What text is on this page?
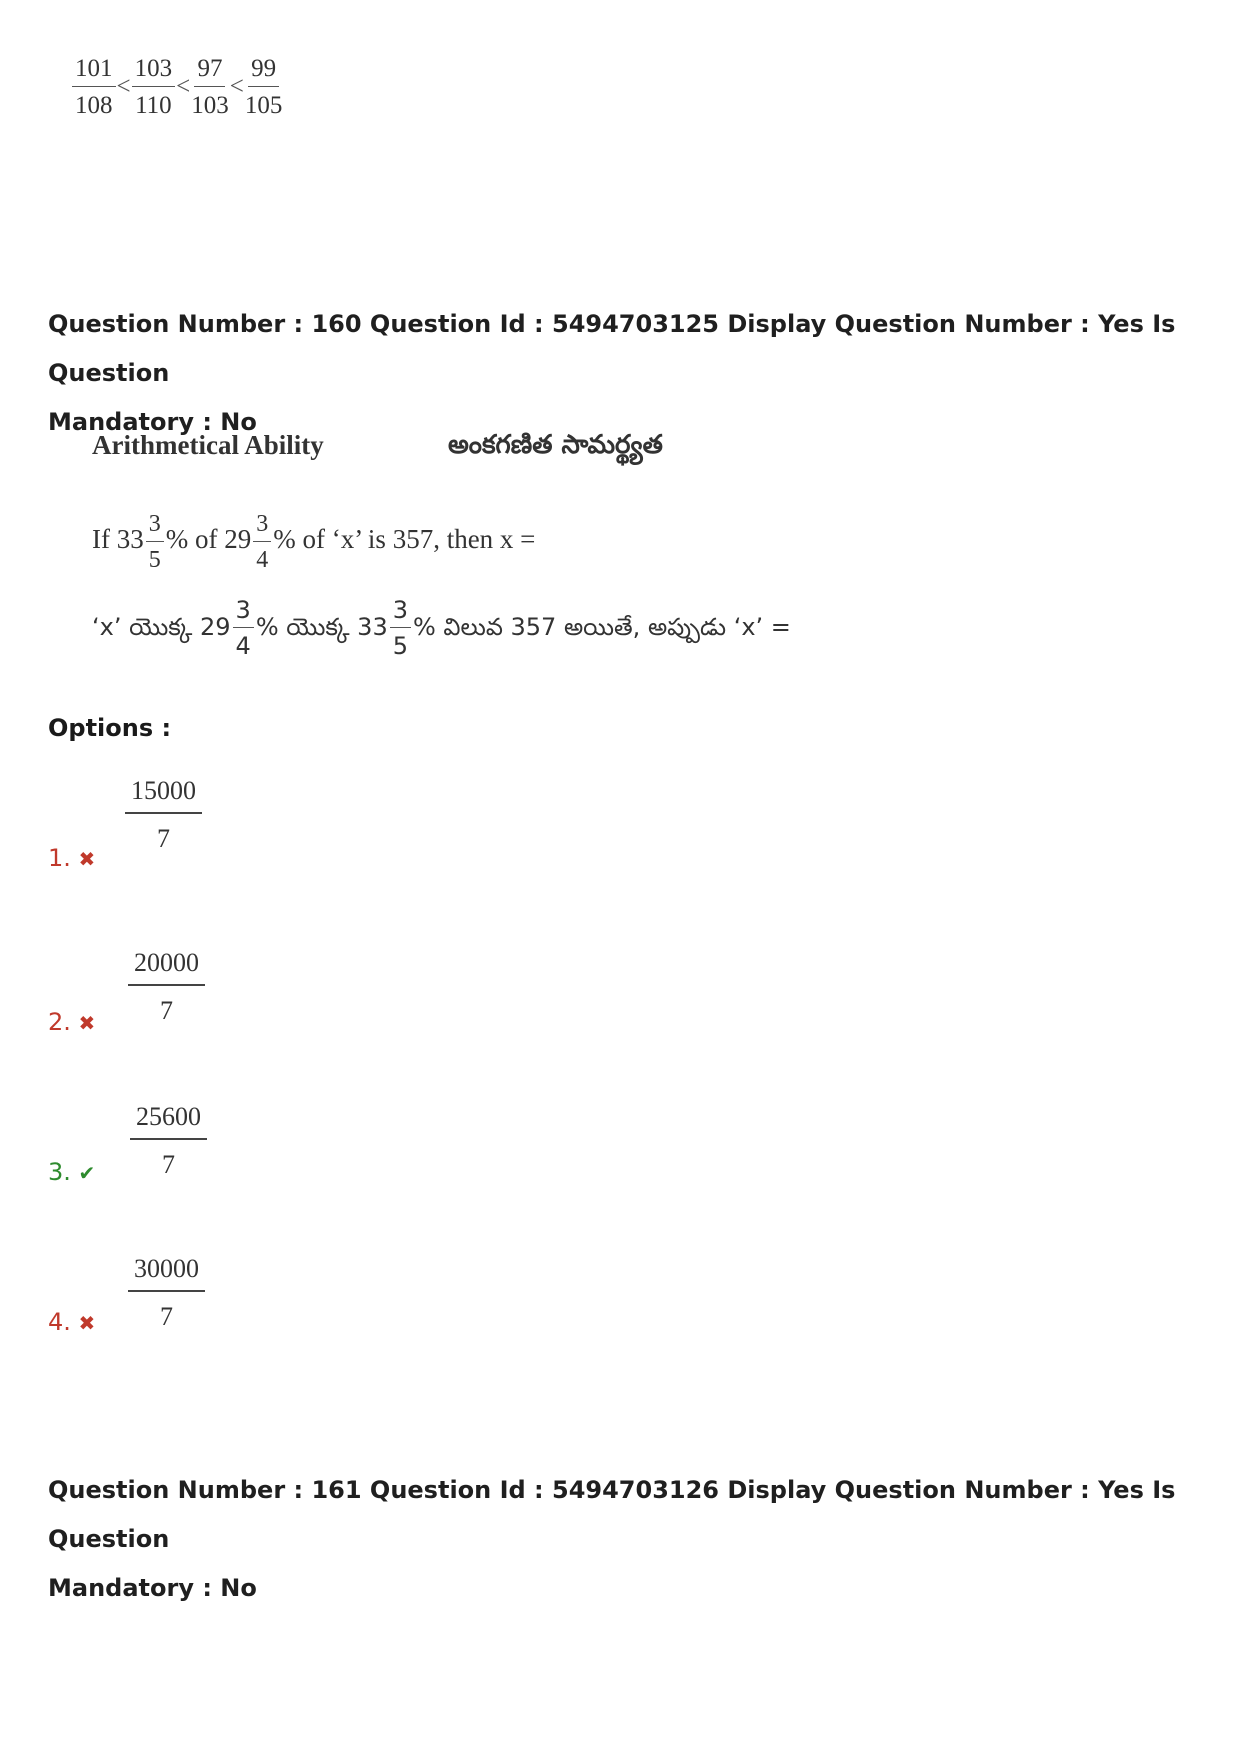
$\frac{101}{108} < \frac{103}{110} < \frac{97}{103} < \frac{99}{105}$
Question Number : 160 Question Id : 5494703125 Display Question Number : Yes Is Question
Mandatory : No
Arithmetical Ability	అంకగణిత సామర్థ్యత
If $33 \frac{3}{5}$ % of $29 \frac{3}{4}$ % of ‘x’ is 357, then x =
‘x’ యొక్క $29 \frac{3}{4}$ % యొక్క $33 \frac{3}{5}$ % విలువ 357 అయితే, అప్పుడు ‘x’ =
Options :
1. ✖
$\frac{15000}{7}$
2. ✖ $\frac{20000}{7}$
3. ✔ $\frac{25600}{7}$
4. ✖ $\frac{30000}{7}$
Question Number : 161 Question Id : 5494703126 Display Question Number : Yes Is Question
Mandatory : No
